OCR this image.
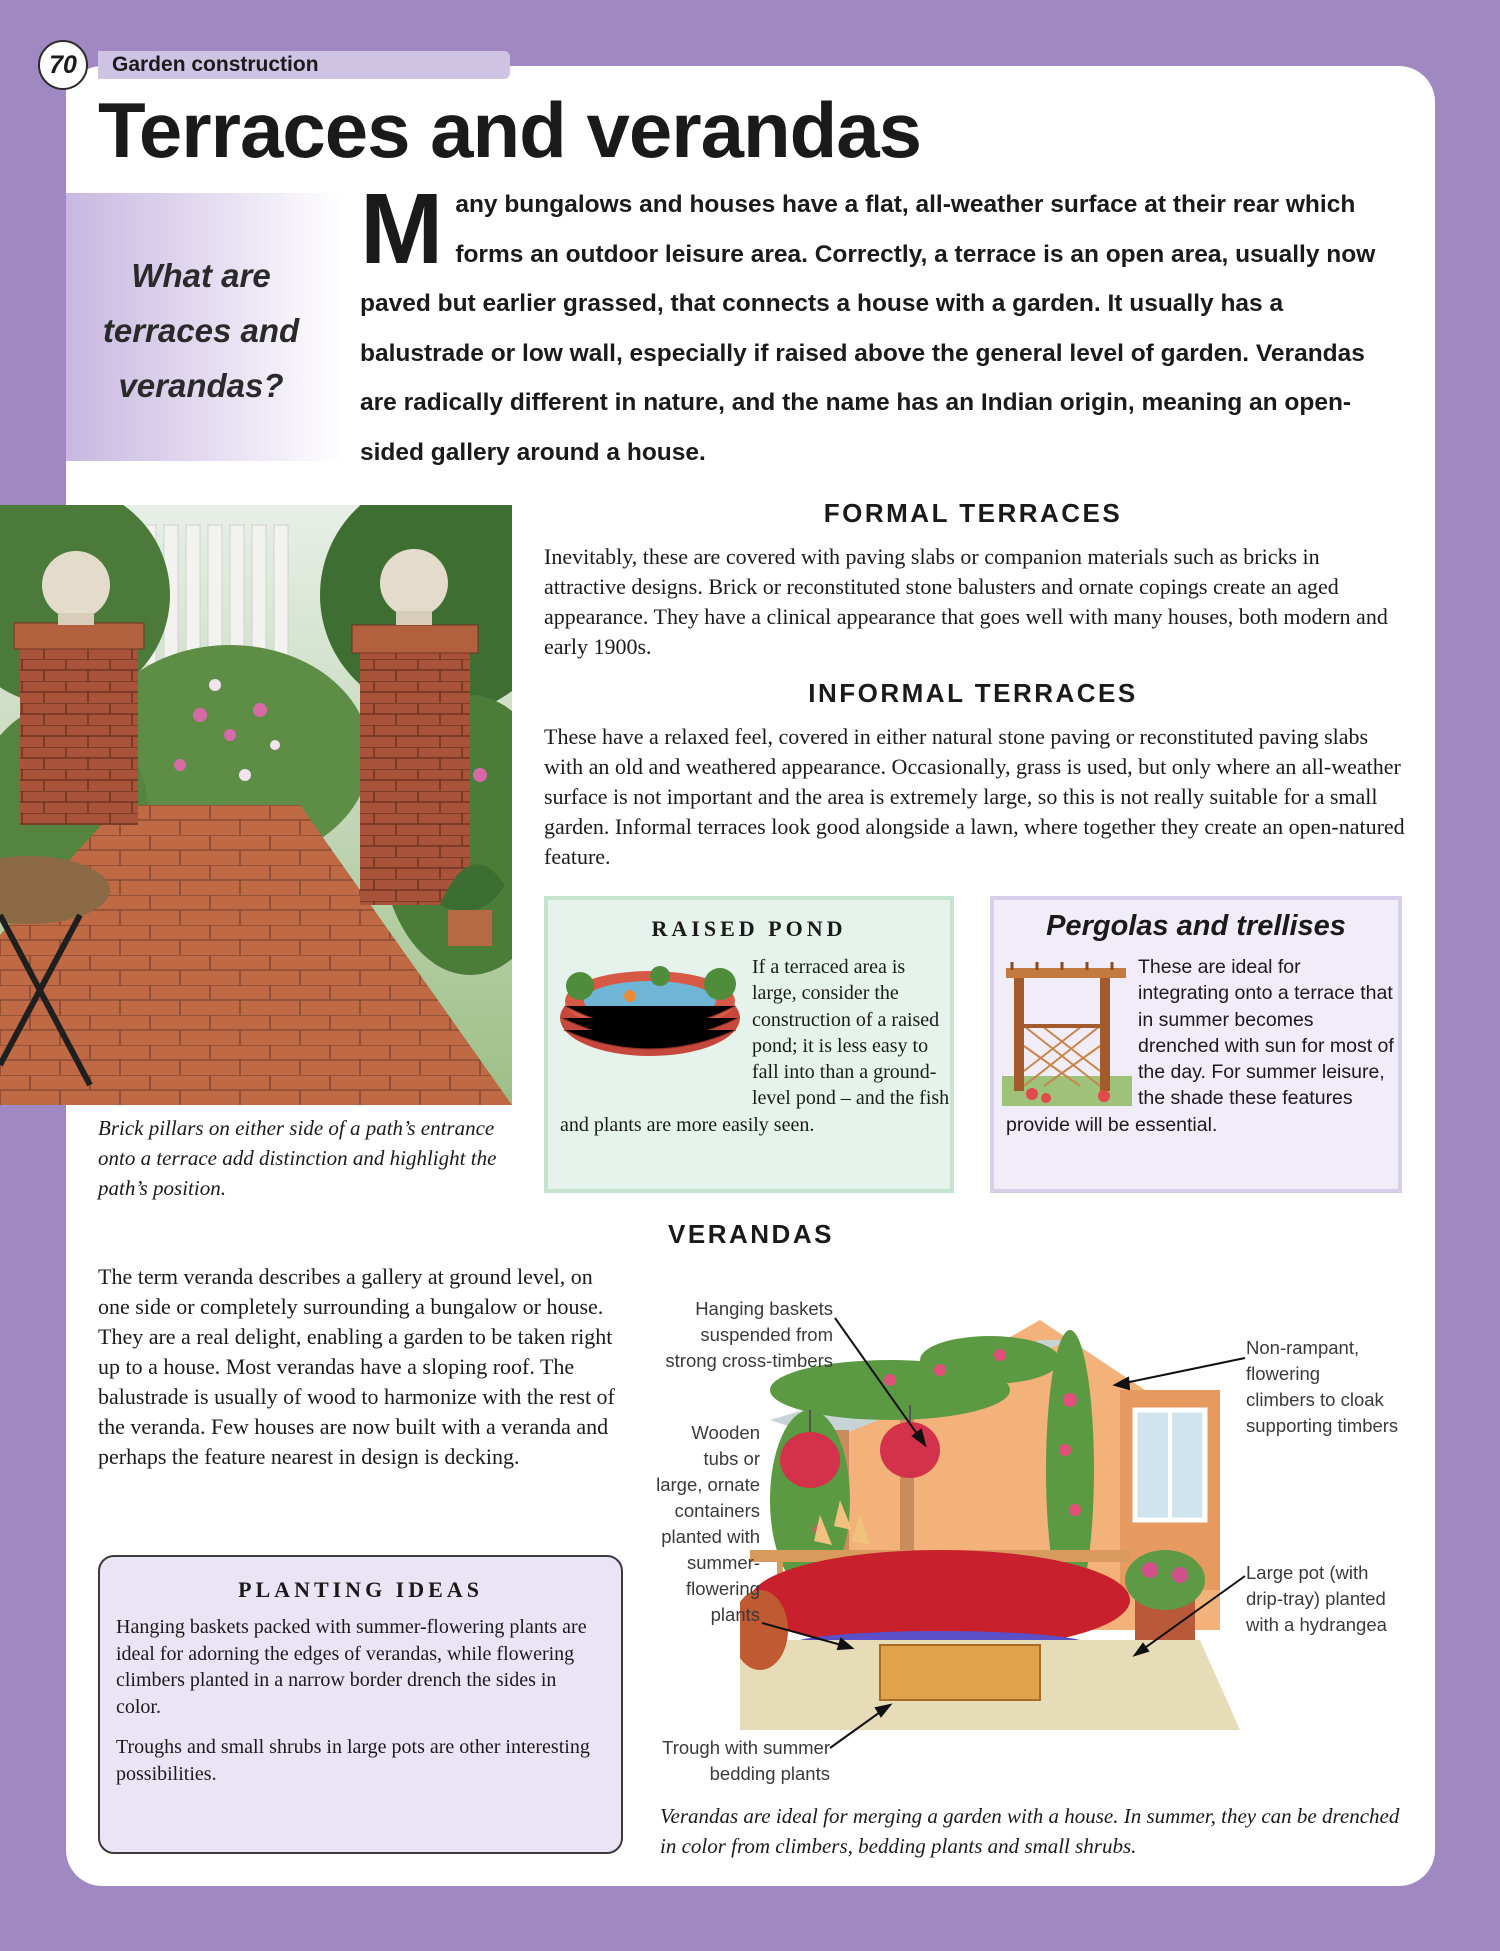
70	Garden construction
Terraces and verandas
What are terraces and verandas?

Many bungalows and houses have a flat, all-weather surface at their rear which forms an outdoor leisure area. Correctly, a terrace is an open area, usually now paved but earlier grassed, that connects a house with a garden. It usually has a balustrade or low wall, especially if raised above the general level of garden. Verandas are radically different in nature, and the name has an Indian origin, meaning an open-sided gallery around a house.

Brick pillars on either side of a path’s entrance onto a terrace add distinction and highlight the path’s position.

FORMAL TERRACES

Inevitably, these are covered with paving slabs or companion materials such as bricks in attractive designs. Brick or reconstituted stone balusters and ornate copings create an aged appearance. They have a clinical appearance that goes well with many houses, both modern and early 1900s.

INFORMAL TERRACES

These have a relaxed feel, covered in either natural stone paving or reconstituted paving slabs with an old and weathered appearance. Occasionally, grass is used, but only where an all-weather surface is not important and the area is extremely large, so this is not really suitable for a small garden. Informal terraces look good alongside a lawn, where together they create an open-natured feature.

RAISED POND

If a terraced area is large, consider the construction of a raised pond; it is less easy to fall into than a ground-level pond – and the fish and plants are more easily seen.

Pergolas and trellises

These are ideal for integrating onto a terrace that in summer becomes drenched with sun for most of the day. For summer leisure, the shade these features provide will be essential.

VERANDAS

The term veranda describes a gallery at ground level, on one side or completely surrounding a bungalow or house. They are a real delight, enabling a garden to be taken right up to a house. Most verandas have a sloping roof. The balustrade is usually of wood to harmonize with the rest of the veranda. Few houses are now built with a veranda and perhaps the feature nearest in design is decking.

PLANTING IDEAS

Hanging baskets packed with summer-flowering plants are ideal for adorning the edges of verandas, while flowering climbers planted in a narrow border drench the sides in color.

Troughs and small shrubs in large pots are other interesting possibilities.

Hanging baskets
suspended from
strong cross-timbers

Wooden
tubs or
large, ornate
containers
planted with
summer-
flowering
plants

Trough with summer
bedding plants

Non-rampant,
flowering
climbers to cloak
supporting timbers

Large pot (with
drip-tray) planted
with a hydrangea

Verandas are ideal for merging a garden with a house. In summer, they can be drenched in color from climbers, bedding plants and small shrubs.
